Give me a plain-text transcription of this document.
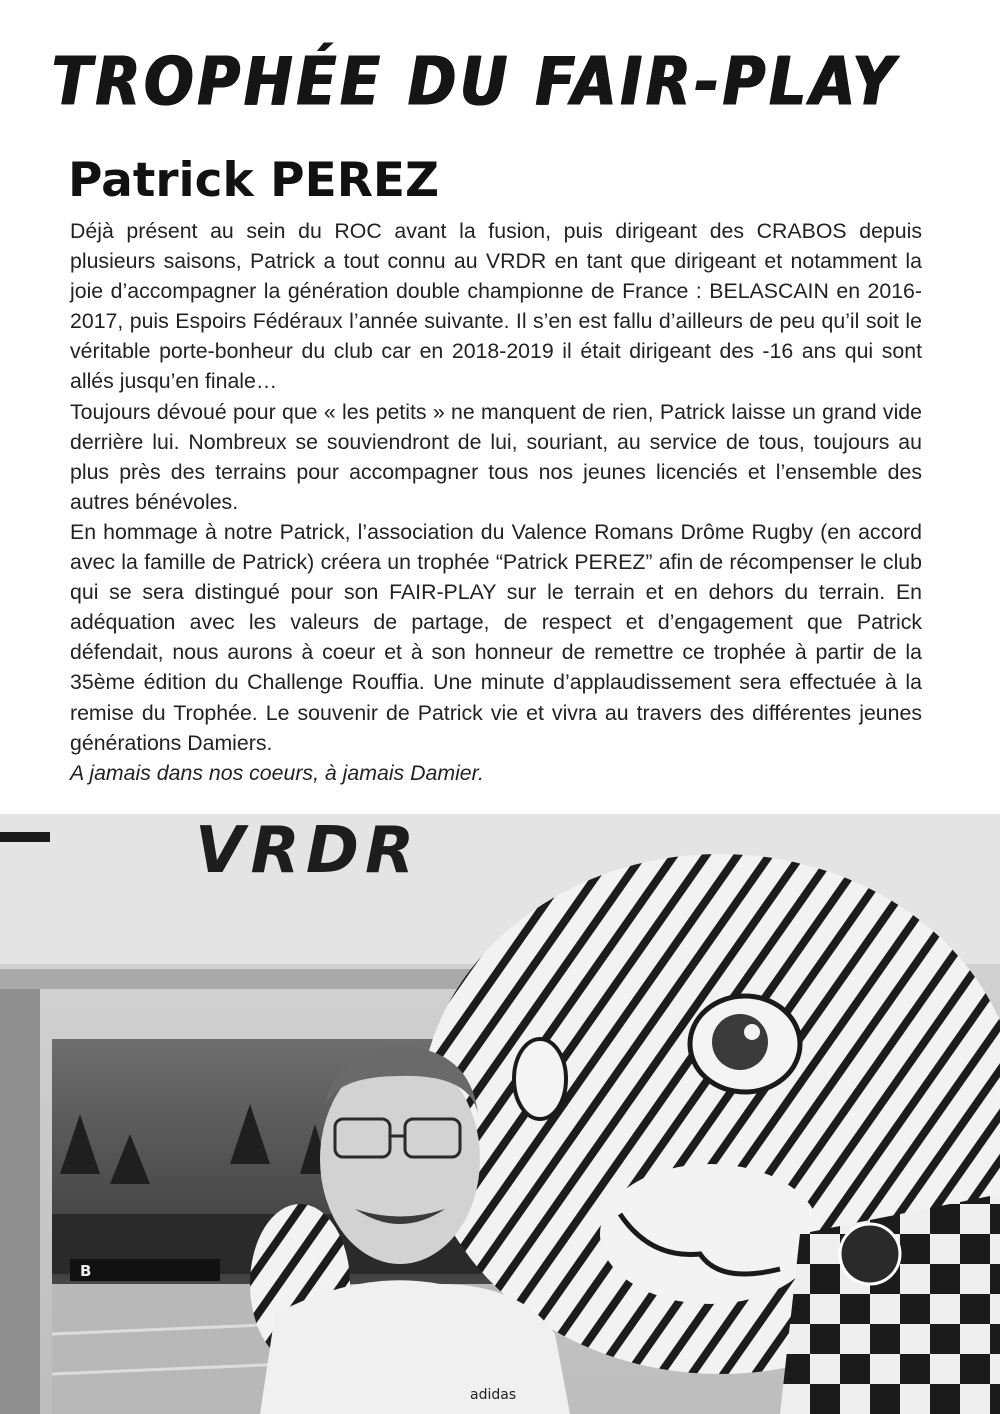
TROPHÉE DU FAIR-PLAY
Patrick PEREZ

Déjà présent au sein du ROC avant la fusion, puis dirigeant des CRABOS depuis plusieurs saisons, Patrick a tout connu au VRDR en tant que dirigeant et notamment la joie d’accompagner la génération double championne de France : BELASCAIN en 2016-2017, puis Espoirs Fédéraux l’année suivante. Il s’en est fallu d’ailleurs de peu qu’il soit le véritable porte-bonheur du club car en 2018-2019 il était dirigeant des -16 ans qui sont allés jusqu’en finale…

Toujours dévoué pour que « les petits » ne manquent de rien, Patrick laisse un grand vide derrière lui. Nombreux se souviendront de lui, souriant, au service de tous, toujours au plus près des terrains pour accompagner tous nos jeunes licenciés et l’ensemble des autres bénévoles.

En hommage à notre Patrick, l’association du Valence Romans Drôme Rugby (en accord avec la famille de Patrick) créera un trophée “Patrick PEREZ” afin de récompenser le club qui se sera distingué pour son FAIR-PLAY sur le terrain et en dehors du terrain. En adéquation avec les valeurs de partage, de respect et d’engagement que Patrick défendait, nous aurons à coeur et à son honneur de remettre ce trophée à partir de la 35ème édition du Challenge Rouffia. Une minute d’applaudissement sera effectuée à la remise du Trophée. Le souvenir de Patrick vie et vivra au travers des différentes jeunes générations Damiers.

A jamais dans nos coeurs, à jamais Damier.

VRDR
B
adidas
